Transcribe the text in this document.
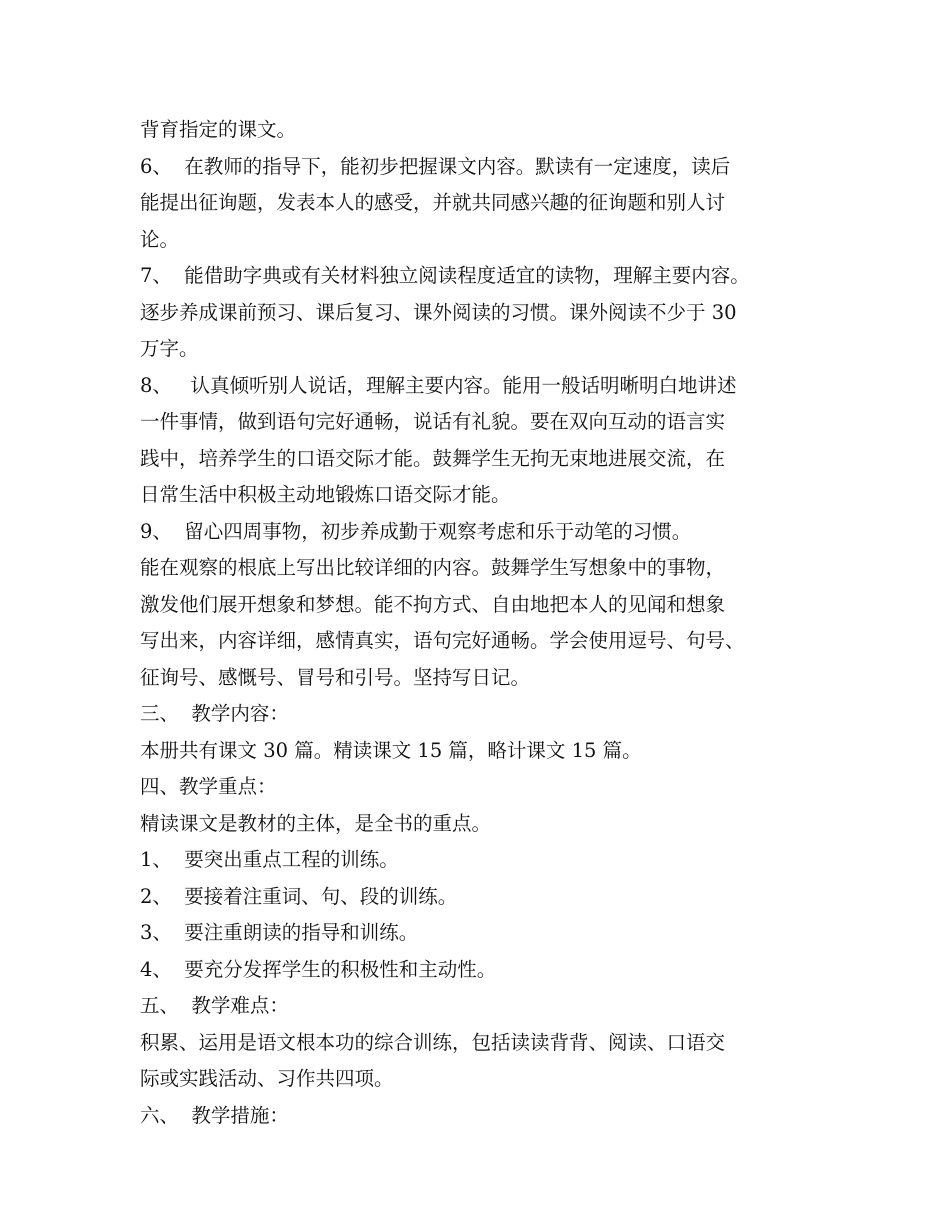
背育指定的课文。
6、  在教师的指导下，能初步把握课文内容。默读有一定速度，读后
能提出征询题，发表本人的感受，并就共同感兴趣的征询题和别人讨
论。
7、  能借助字典或有关材料独立阅读程度适宜的读物，理解主要内容。
逐步养成课前预习、课后复习、课外阅读的习惯。课外阅读不少于 30
万字。
8、   认真倾听别人说话，理解主要内容。能用一般话明晰明白地讲述
一件事情，做到语句完好通畅，说话有礼貌。要在双向互动的语言实
践中，培养学生的口语交际才能。鼓舞学生无拘无束地进展交流，在
日常生活中积极主动地锻炼口语交际才能。
9、  留心四周事物，初步养成勤于观察考虑和乐于动笔的习惯。
能在观察的根底上写出比较详细的内容。鼓舞学生写想象中的事物，
激发他们展开想象和梦想。能不拘方式、自由地把本人的见闻和想象
写出来，内容详细，感情真实，语句完好通畅。学会使用逗号、句号、
征询号、感慨号、冒号和引号。坚持写日记。
三、  教学内容：
本册共有课文 30 篇。精读课文 15 篇，略计课文 15 篇。
四、教学重点：
精读课文是教材的主体，是全书的重点。
1、  要突出重点工程的训练。
2、  要接着注重词、句、段的训练。
3、  要注重朗读的指导和训练。
4、  要充分发挥学生的积极性和主动性。
五、  教学难点：
积累、运用是语文根本功的综合训练，包括读读背背、阅读、口语交
际或实践活动、习作共四项。
六、  教学措施：
